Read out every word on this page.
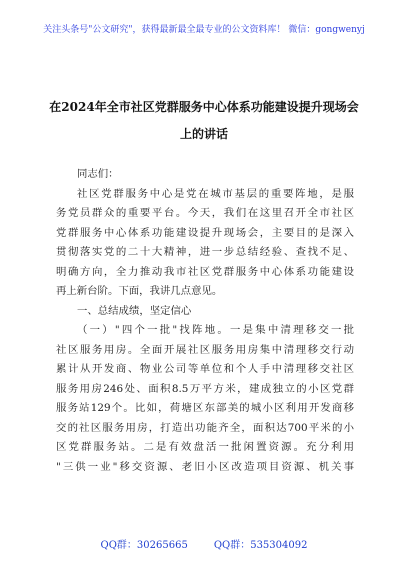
关注头条号"公文研究"，获得最新最全最专业的公文资料库！ 微信：gongwenyj
在2024年全市社区党群服务中心体系功能建设提升现场会
上的讲话
同志们：
社区党群服务中心是党在城市基层的重要阵地，是服
务党员群众的重要平台。今天，我们在这里召开全市社区
党群服务中心体系功能建设提升现场会，主要目的是深入
贯彻落实党的二十大精神，进一步总结经验、查找不足、
明确方向，全力推动我市社区党群服务中心体系功能建设
再上新台阶。下面，我讲几点意见。
一、总结成绩，坚定信心
（一）"四个一批"找阵地。一是集中清理移交一批
社区服务用房。全面开展社区服务用房集中清理移交行动
累计从开发商、物业公司等单位和个人手中清理移交社区
服务用房246处、面积8.5万平方米，建成独立的小区党群
服务站129个。比如，荷塘区东部美的城小区利用开发商移
交的社区服务用房，打造出功能齐全，面积达700平米的小
区党群服务站。二是有效盘活一批闲置资源。充分利用
"三供一业"移交资源、老旧小区改造项目资源、机关事
QQ群：30265665	QQ群：535304092
